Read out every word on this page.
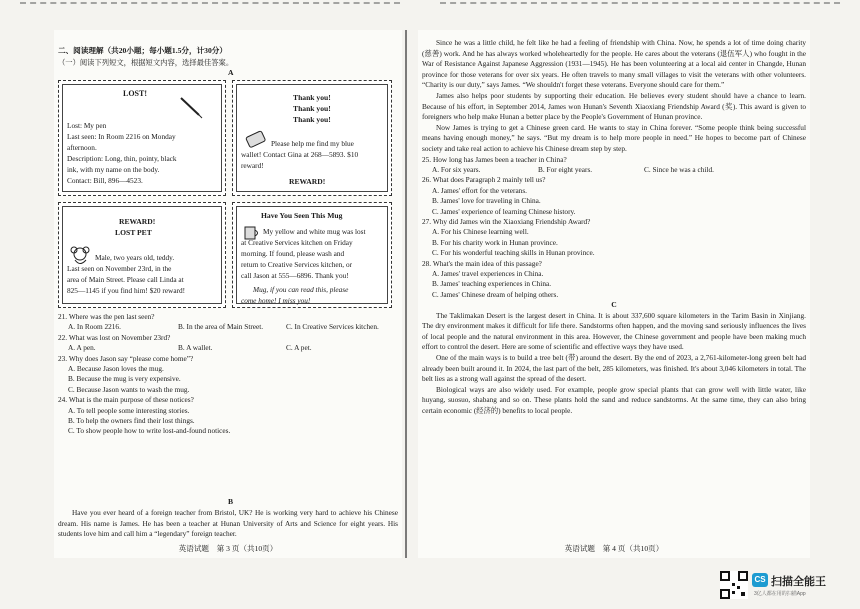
二、阅读理解（共20小题；每小题1.5分，计30分）
（一）阅读下列短文，根据短文内容，选择最佳答案。
A
LOST!
Lost: My pen
Last seen: In Room 2216 on Monday
afternoon.
Description: Long, thin, pointy, black
ink, with my name on the body.
Contact: Bill, 896—4523.
Thank you!
Thank you!
Thank you!
Please help me find my blue
wallet! Contact Gina at 268—5893. $10
reward!
REWARD!
REWARD!
LOST PET
Male, two years old, teddy.
Last seen on November 23rd, in the
area of Main Street. Please call Linda at
825—1145 if you find him! $20 reward!
Have You Seen This Mug
My yellow and white mug was lost
at Creative Services kitchen on Friday
morning. If found, please wash and
return to Creative Services kitchen, or
call Jason at 555—6896. Thank you!
Mug, if you can read this, please
come home! I miss you!
21. Where was the pen last seen?
A. In Room 2216.	B. In the area of Main Street.	C. In Creative Services kitchen.
22. What was lost on November 23rd?
A. A pen.	B. A wallet.	C. A pet.
23. Why does Jason say “please come home”?
A. Because Jason loves the mug.
B. Because the mug is very expensive.
C. Because Jason wants to wash the mug.
24. What is the main purpose of these notices?
A. To tell people some interesting stories.
B. To help the owners find their lost things.
C. To show people how to write lost-and-found notices.
B

Have you ever heard of a foreign teacher from Bristol, UK? He is working very hard to achieve his Chinese dream. His name is James. He has been a teacher at Hunan University of Arts and Science for eight years. His students love him and call him a “legendary” foreign teacher.

英语试题　第 3 页（共10页）

Since he was a little child, he felt like he had a feeling of friendship with China. Now, he spends a lot of time doing charity (慈善) work. And he has always worked wholeheartedly for the people. He cares about the veterans (退伍军人) who fought in the War of Resistance Against Japanese Aggression (1931—1945). He has been volunteering at a local aid center in Changde, Hunan province for those veterans for over six years. He often travels to many small villages to visit the veterans with other volunteers. “Charity is our duty,” says James. “We shouldn't forget these veterans. Everyone should care for them.”

James also helps poor students by supporting their education. He believes every student should have a chance to learn. Because of his effort, in September 2014, James won Hunan's Seventh Xiaoxiang Friendship Award (奖). This award is given to foreigners who help make Hunan a better place by the People's Government of Hunan province.

Now James is trying to get a Chinese green card. He wants to stay in China forever. “Some people think being successful means having enough money,” he says. “But my dream is to help more people in need.” He hopes to become part of Chinese society and take real action to achieve his Chinese dream step by step.

25. How long has James been a teacher in China?
A. For six years.	B. For eight years.	C. Since he was a child.
26. What does Paragraph 2 mainly tell us?
A. James' effort for the veterans.
B. James' love for traveling in China.
C. James' experience of learning Chinese history.
27. Why did James win the Xiaoxiang Friendship Award?
A. For his Chinese learning well.
B. For his charity work in Hunan province.
C. For his wonderful teaching skills in Hunan province.
28. What's the main idea of this passage?
A. James' travel experiences in China.
B. James' teaching experiences in China.
C. James' Chinese dream of helping others.
C

The Taklimakan Desert is the largest desert in China. It is about 337,600 square kilometers in the Tarim Basin in Xinjiang. The dry environment makes it difficult for life there. Sandstorms often happen, and the moving sand seriously influences the lives of local people and the natural environment in this area. However, the Chinese government and people have been making much effort to control the desert. Here are some of scientific and effective ways they have used.

One of the main ways is to build a tree belt (带) around the desert. By the end of 2023, a 2,761-kilometer-long green belt had already been built around it. In 2024, the last part of the belt, 285 kilometers, was finished. It's about 3,046 kilometers in total. The belt lies as a strong wall against the spread of the desert.

Biological ways are also widely used. For example, people grow special plants that can grow well with little water, like huyang, suosuo, shabang and so on. These plants hold the sand and reduce sandstorms. At the same time, they can also bring certain economic (经济的) benefits to local people.

英语试题　第 4 页（共10页）
CS 扫描全能王
3亿人都在用的扫描App
